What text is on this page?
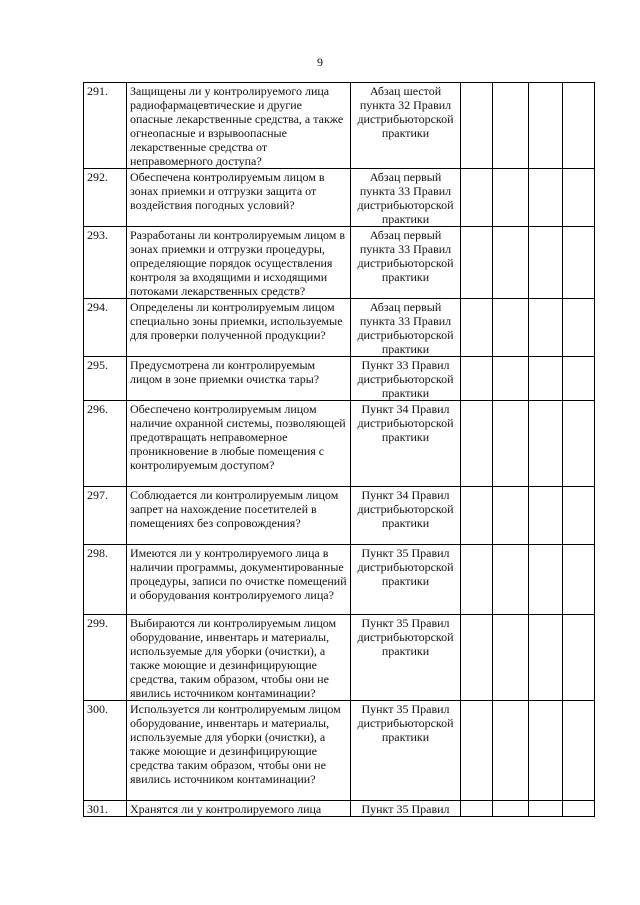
9
291.	Защищены ли у контролируемого лица радиофармацевтические и другие опасные лекарственные средства, а также огнеопасные и взрывоопасные лекарственные средства от неправомерного доступа?	Абзац шестой пункта 32 Правил дистрибьюторской практики				
292.	Обеспечена контролируемым лицом в зонах приемки и отгрузки защита от воздействия погодных условий?	Абзац первый пункта 33 Правил дистрибьюторской практики				
293.	Разработаны ли контролируемым лицом в зонах приемки и отгрузки процедуры, определяющие порядок осуществления контроля за входящими и исходящими потоками лекарственных средств?	Абзац первый пункта 33 Правил дистрибьюторской практики				
294.	Определены ли контролируемым лицом специально зоны приемки, используемые для проверки полученной продукции?	Абзац первый пункта 33 Правил дистрибьюторской практики				
295.	Предусмотрена ли контролируемым лицом в зоне приемки очистка тары?	Пункт 33 Правил дистрибьюторской практики				
296.	Обеспечено контролируемым лицом наличие охранной системы, позволяющей предотвращать неправомерное проникновение в любые помещения с контролируемым доступом?	Пункт 34 Правил дистрибьюторской практики				
297.	Соблюдается ли контролируемым лицом запрет на нахождение посетителей в помещениях без сопровождения?	Пункт 34 Правил дистрибьюторской практики				
298.	Имеются ли у контролируемого лица в наличии программы, документированные процедуры, записи по очистке помещений и оборудования контролируемого лица?	Пункт 35 Правил дистрибьюторской практики				
299.	Выбираются ли контролируемым лицом оборудование, инвентарь и материалы, используемые для уборки (очистки), а также моющие и дезинфицирующие средства, таким образом, чтобы они не явились источником контаминации?	Пункт 35 Правил дистрибьюторской практики				
300.	Используется ли контролируемым лицом оборудование, инвентарь и материалы, используемые для уборки (очистки), а также моющие и дезинфицирующие средства таким образом, чтобы они не явились источником контаминации?	Пункт 35 Правил дистрибьюторской практики				
301.	Хранятся ли у контролируемого лица	Пункт 35 Правил				
